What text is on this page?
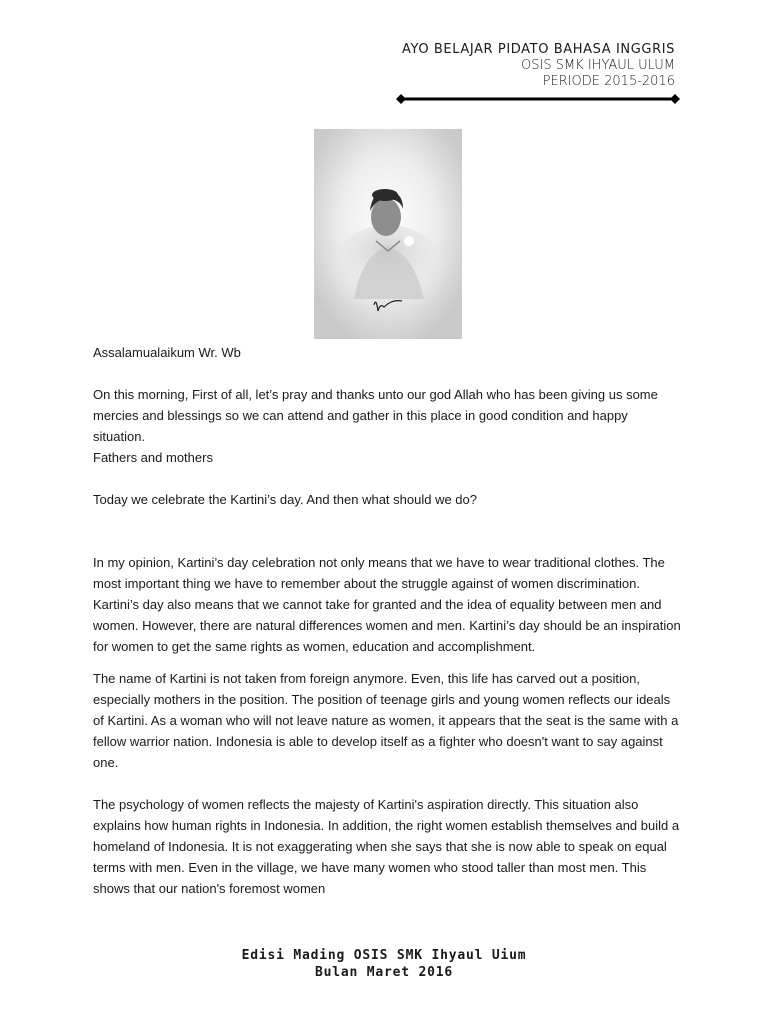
AYO BELAJAR PIDATO BAHASA INGGRIS
OSIS SMK IHYAUL ULUM
PERIODE 2015-2016

Assalamualaikum Wr. Wb

On this morning, First of all, let’s pray and thanks unto our god Allah who has been giving us some mercies and blessings so we can attend and gather in this place in good condition and happy situation.

Fathers and mothers

Today we celebrate the Kartini’s day. And then what should we do?

In my opinion, Kartini’s day celebration not only means that we have to wear traditional clothes. The most important thing we have to remember about the struggle against of women discrimination. Kartini’s day also means that we cannot take for granted and the idea of equality between men and women. However, there are natural differences women and men. Kartini’s day should be an inspiration for women to get the same rights as women, education and accomplishment.

The name of Kartini is not taken from foreign anymore. Even, this life has carved out a position, especially mothers in the position. The position of teenage girls and young women reflects our ideals of Kartini. As a woman who will not leave nature as women, it appears that the seat is the same with a fellow warrior nation. Indonesia is able to develop itself as a fighter who doesn't want to say against one.

The psychology of women reflects the majesty of Kartini's aspiration directly. This situation also explains how human rights in Indonesia. In addition, the right women establish themselves and build a homeland of Indonesia. It is not exaggerating when she says that she is now able to speak on equal terms with men. Even in the village, we have many women who stood taller than most men. This shows that our nation's foremost women

Edisi Mading OSIS SMK Ihyaul Uium
Bulan Maret 2016
